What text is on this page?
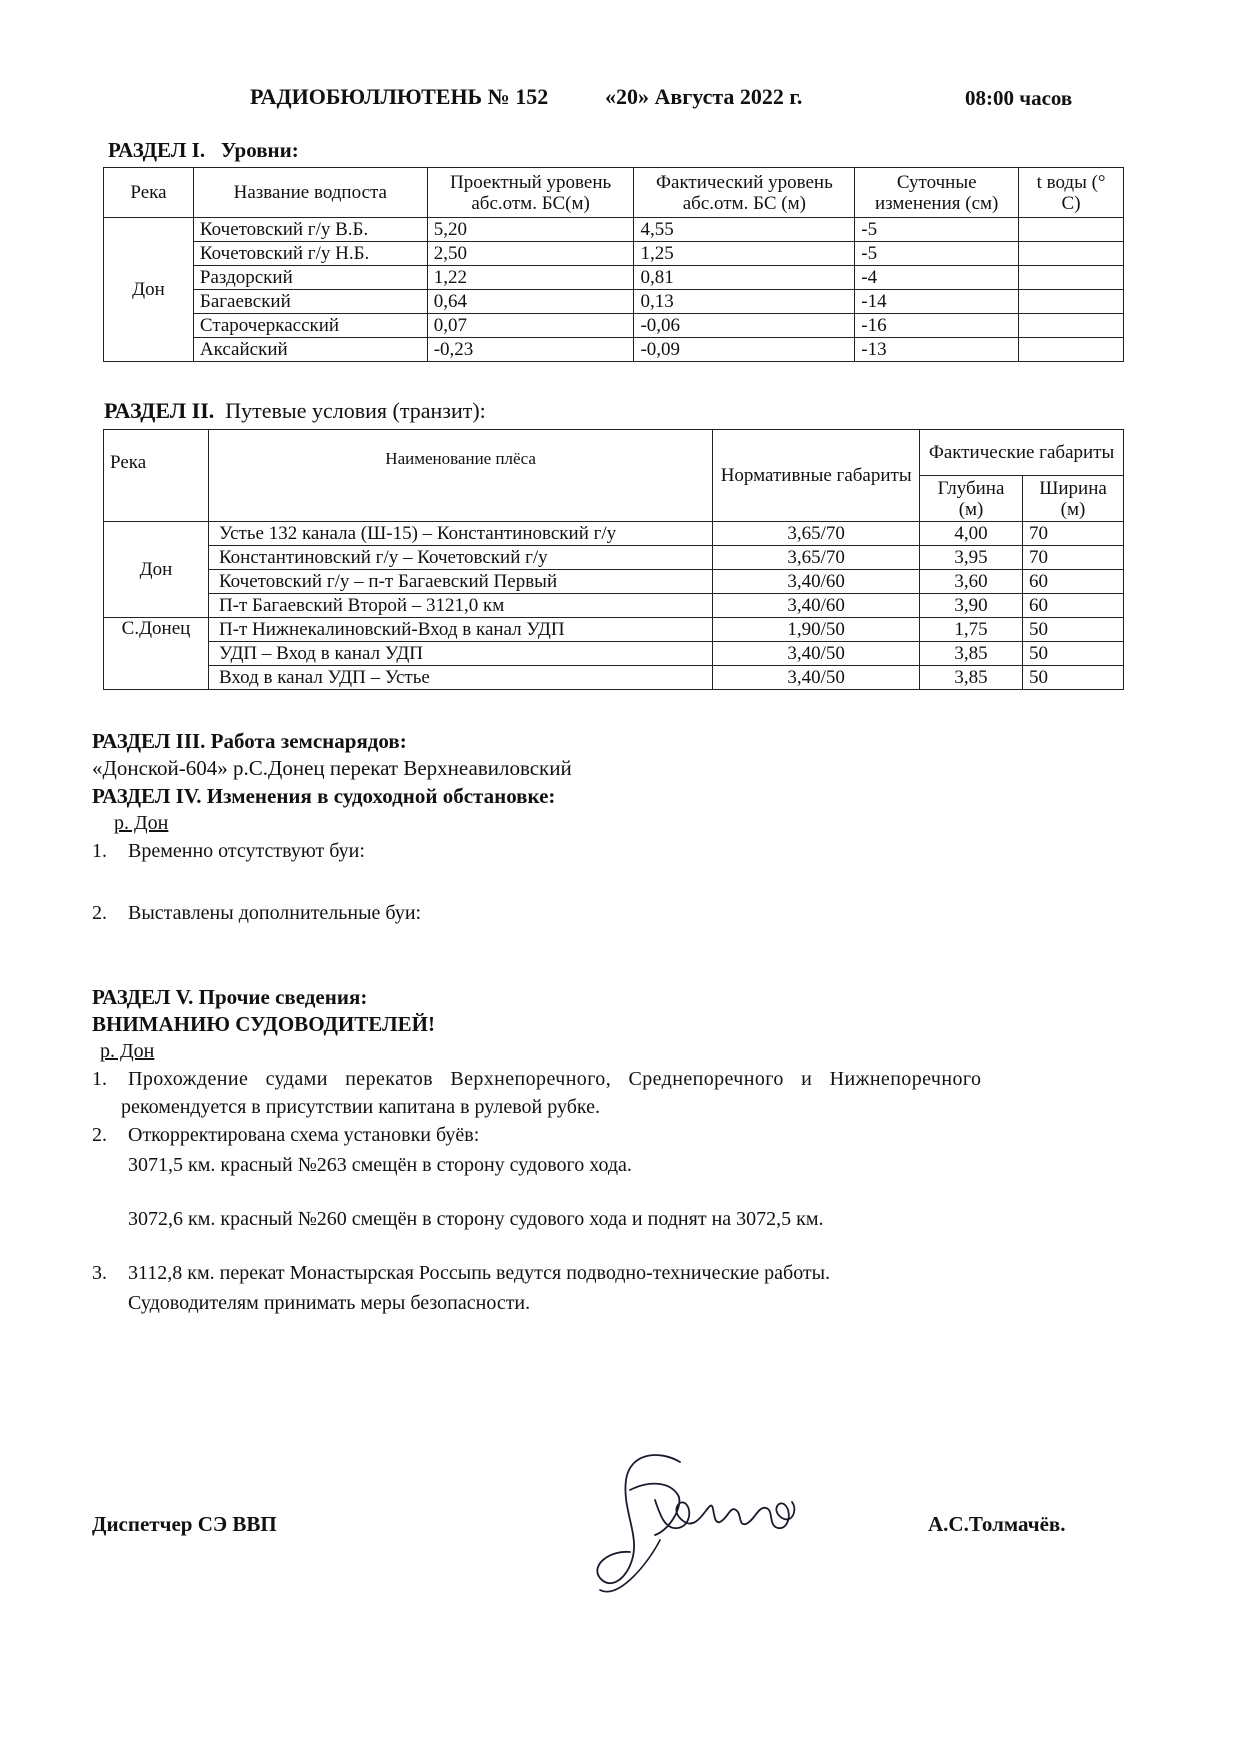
РАДИОБЮЛЛЮТЕНЬ № 152	«20» Августа 2022 г.	08:00 часов
РАЗДЕЛ I. Уровни:
Река	Название водпоста	Проектный уровень абс.отм. БС(м)	Фактический уровень абс.отм. БС (м)	Суточные изменения (см)	t воды (° С)
Дон	Кочетовский г/у В.Б.	5,20	4,55	-5	
	Кочетовский г/у Н.Б.	2,50	1,25	-5	
	Раздорский	1,22	0,81	-4	
	Багаевский	0,64	0,13	-14	
	Старочеркасский	0,07	-0,06	-16	
	Аксайский	-0,23	-0,09	-13	
РАЗДЕЛ II. Путевые условия (транзит):
Река	Наименование плёса	Нормативные габариты	Фактические габариты	
			Глубина (м)	Ширина (м)
Дон	Устье 132 канала (Ш-15) – Константиновский г/у	3,65/70	4,00	70
	Константиновский г/у – Кочетовский г/у	3,65/70	3,95	70
	Кочетовский г/у – п-т Багаевский Первый	3,40/60	3,60	60
	П-т Багаевский Второй – 3121,0 км	3,40/60	3,90	60
С.Донец	П-т Нижнекалиновский-Вход в канал УДП	1,90/50	1,75	50
	УДП – Вход в канал УДП	3,40/50	3,85	50
	Вход в канал УДП – Устье	3,40/50	3,85	50
РАЗДЕЛ III. Работа земснарядов:
«Донской-604» р.С.Донец перекат Верхнеавиловский
РАЗДЕЛ IV. Изменения в судоходной обстановке:
р. Дон
1. Временно отсутствуют буи:
2. Выставлены дополнительные буи:
РАЗДЕЛ V. Прочие сведения:
ВНИМАНИЮ СУДОВОДИТЕЛЕЙ!
р. Дон
1. Прохождение судами перекатов Верхнепоречного, Среднепоречного и Нижнепоречного
рекомендуется в присутствии капитана в рулевой рубке.
2. Откорректирована схема установки буёв:
3071,5 км. красный №263 смещён в сторону судового хода.
3072,6 км. красный №260 смещён в сторону судового хода и поднят на 3072,5 км.
3. 3112,8 км. перекат Монастырская Россыпь ведутся подводно-технические работы.
Судоводителям принимать меры безопасности.
Диспетчер СЭ ВВП	А.С.Толмачёв.
